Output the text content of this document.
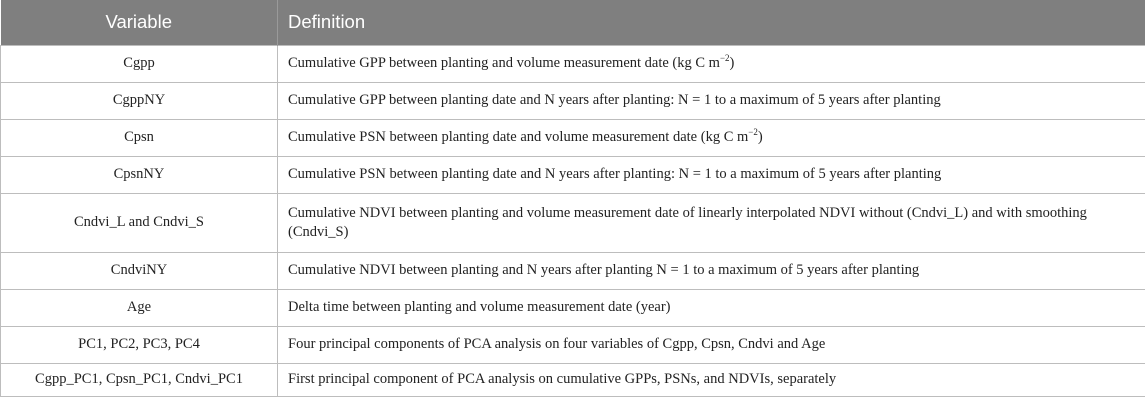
Variable	Definition
Cgpp	Cumulative GPP between planting and volume measurement date (kg C $m^{-2}$)
CgppNY	Cumulative GPP between planting date and N years after planting: N = 1 to a maximum of 5 years after planting
Cpsn	Cumulative PSN between planting date and volume measurement date (kg C $m^{-2}$)
CpsnNY	Cumulative PSN between planting date and N years after planting: N = 1 to a maximum of 5 years after planting
Cndvi_L and Cndvi_S	Cumulative NDVI between planting and volume measurement date of linearly interpolated NDVI without (Cndvi_L) and with smoothing (Cndvi_S)
CndviNY	Cumulative NDVI between planting and N years after planting N = 1 to a maximum of 5 years after planting
Age	Delta time between planting and volume measurement date (year)
PC1, PC2, PC3, PC4	Four principal components of PCA analysis on four variables of Cgpp, Cpsn, Cndvi and Age
Cgpp_PC1, Cpsn_PC1, Cndvi_PC1	First principal component of PCA analysis on cumulative GPPs, PSNs, and NDVIs, separately
